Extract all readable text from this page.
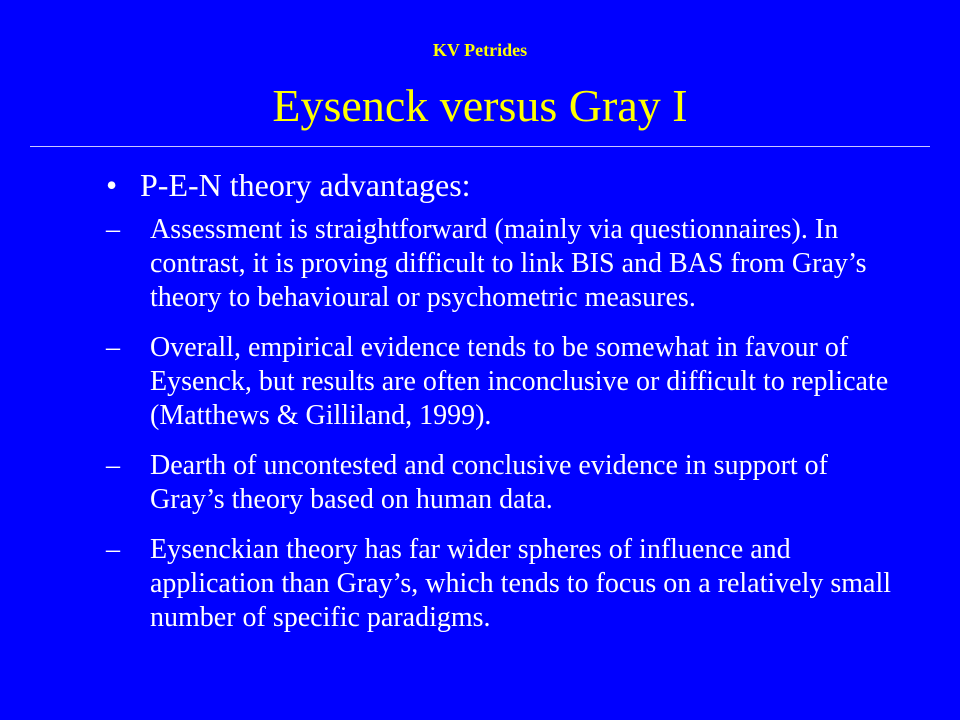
KV Petrides
Eysenck versus Gray I
• P-E-N theory advantages:
–	Assessment is straightforward (mainly via questionnaires). In contrast, it is proving difficult to link BIS and BAS from Gray’s theory to behavioural or psychometric measures.
–	Overall, empirical evidence tends to be somewhat in favour of Eysenck, but results are often inconclusive or difficult to replicate (Matthews & Gilliland, 1999).
–	Dearth of uncontested and conclusive evidence in support of Gray’s theory based on human data.
–	Eysenckian theory has far wider spheres of influence and application than Gray’s, which tends to focus on a relatively small number of specific paradigms.
